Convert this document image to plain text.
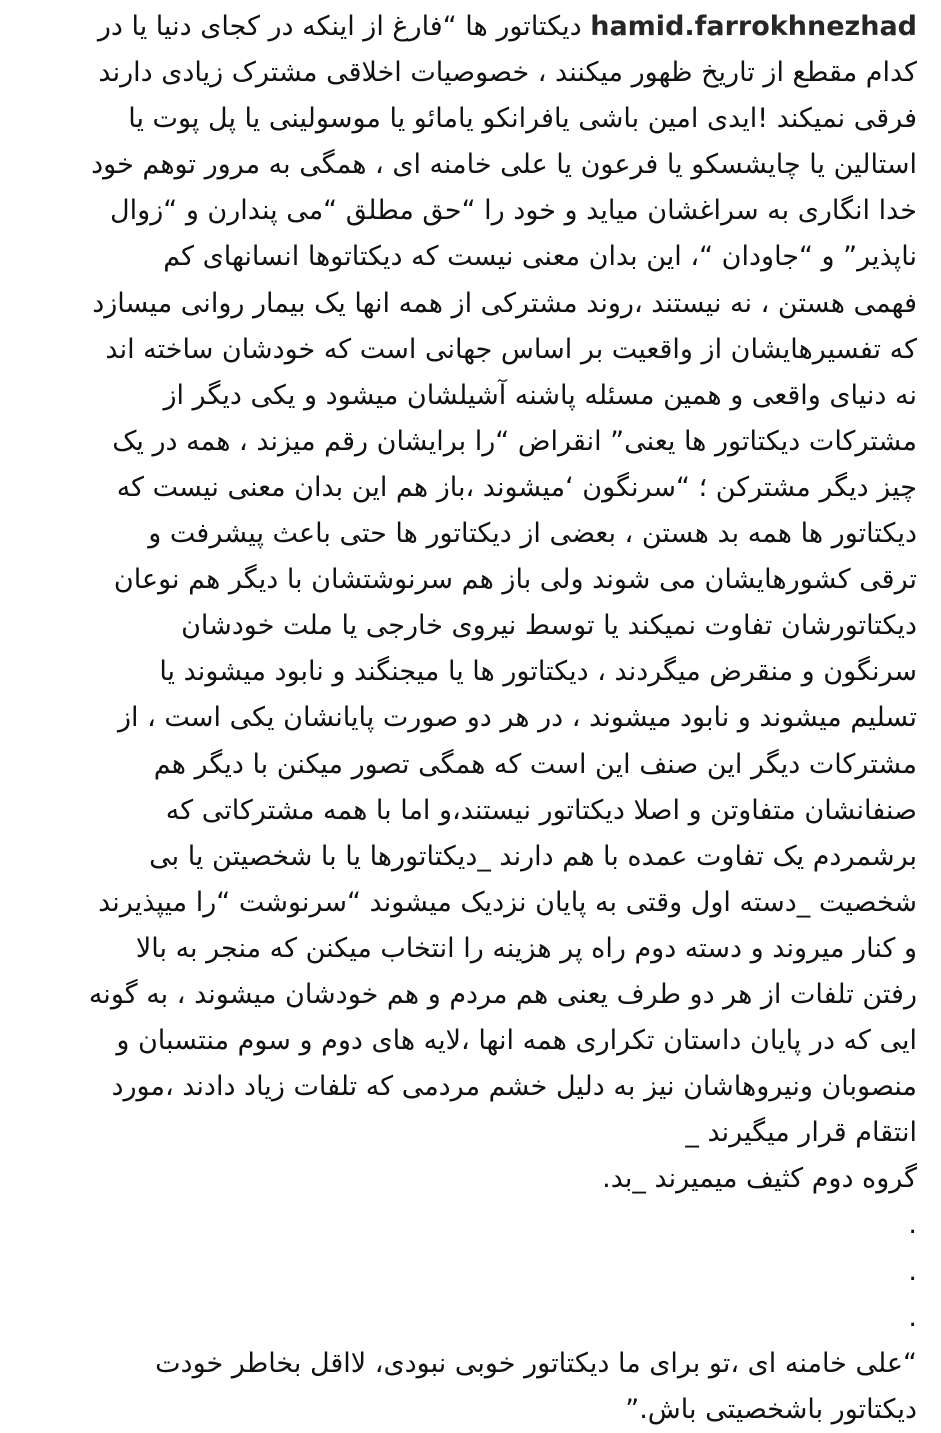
hamid.farrokhnezhad دیکتاتور ها “فارغ از اینکه در کجای دنیا یا در

کدام مقطع از تاریخ ظهور میکنند ، خصوصیات اخلاقی مشترک زیادی دارند

فرقی نمیکند !ایدی امین باشی یافرانکو یامائو یا موسولینی یا پل پوت یا

استالین یا چایشسکو یا فرعون یا علی خامنه ای ، همگی به مرور توهم خود

خدا انگاری به سراغشان میاید و خود را “حق مطلق “می پندارن و “زوال

ناپذیر” و “جاودان “، این بدان معنی نیست که دیکتاتوها انسانهای کم

فهمی هستن ، نه نیستند ،روند مشترکی از همه انها یک بیمار روانی میسازد

که تفسیرهایشان از واقعیت بر اساس جهانی است که خودشان ساخته اند

نه دنیای واقعی و همین مسئله پاشنه آشیلشان میشود و یکی دیگر از

مشترکات دیکتاتور ها یعنی” انقراض “را برایشان رقم میزند ، همه در یک

چیز دیگر مشترکن ؛ “سرنگون ‘میشوند ،باز هم این بدان معنی نیست که

دیکتاتور ها همه بد هستن ، بعضی از دیکتاتور ها حتی باعث پیشرفت و

ترقی کشورهایشان می شوند ولی باز هم سرنوشتشان با دیگر هم نوعان

دیکتاتورشان تفاوت نمیکند یا توسط نیروی خارجی یا ملت خودشان

سرنگون و منقرض میگردند ، دیکتاتور ها یا میجنگند و نابود میشوند یا

تسلیم میشوند و نابود میشوند ، در هر دو صورت پایانشان یکی است ، از

مشترکات دیگر این صنف این است که همگی تصور میکنن با دیگر هم

صنفانشان متفاوتن و اصلا دیکتاتور نیستند،و اما با همه مشترکاتی که

برشمردم یک تفاوت عمده با هم دارند _دیکتاتورها یا با شخصیتن یا بی

شخصیت _دسته اول وقتی به پایان نزدیک میشوند “سرنوشت “را میپذیرند

و کنار میروند و دسته دوم راه پر هزینه را انتخاب میکنن که منجر به بالا

رفتن تلفات از هر دو طرف یعنی هم مردم و هم خودشان میشوند ، به گونه

ایی که در پایان داستان تکراری همه انها ،لایه های دوم و سوم منتسبان و

منصوبان ونیروهاشان نیز به دلیل خشم مردمی که تلفات زیاد دادند ،مورد

انتقام قرار میگیرند _

گروه دوم کثیف میمیرند _بد.

.

.

.

“علی خامنه ای ،تو برای ما دیکتاتور خوبی نبودی، لااقل بخاطر خودت

دیکتاتور باشخصیتی باش.”
